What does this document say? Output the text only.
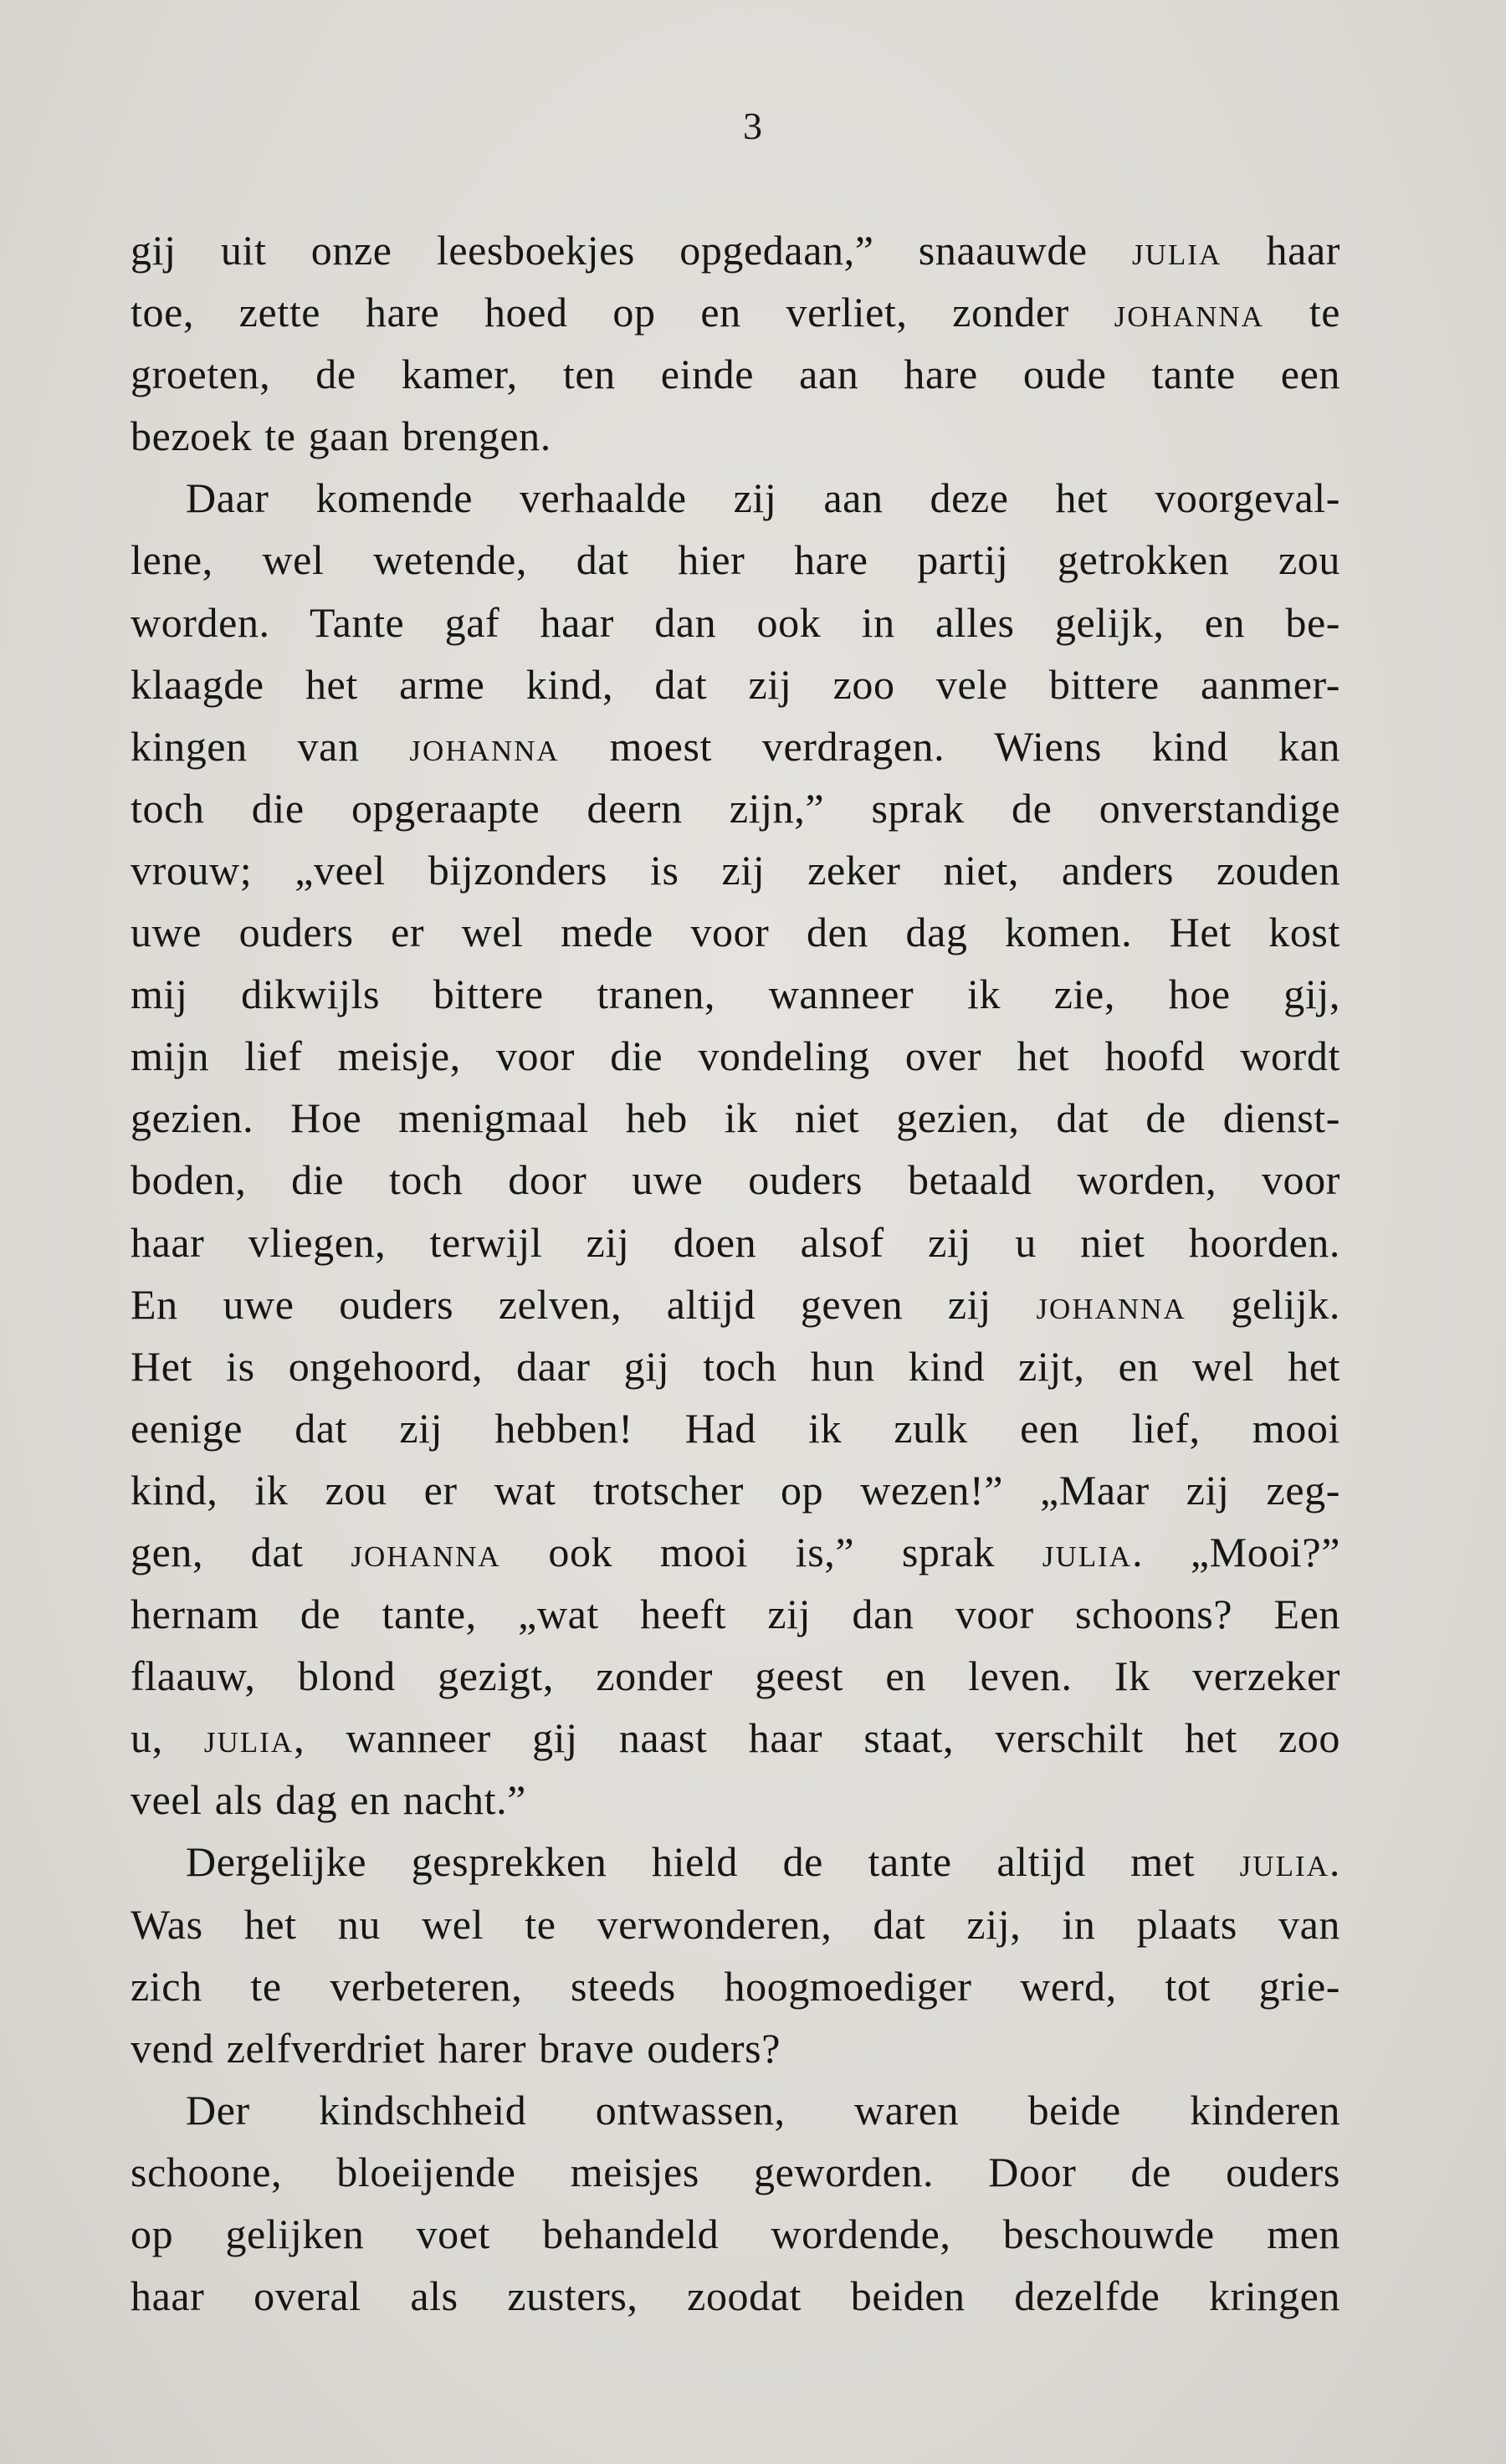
3
gij uit onze leesboekjes opgedaan,” snaauwde julia haar
toe, zette hare hoed op en verliet, zonder johanna te
groeten, de kamer, ten einde aan hare oude tante een
bezoek te gaan brengen.
Daar komende verhaalde zij aan deze het voorgeval-
lene, wel wetende, dat hier hare partij getrokken zou
worden. Tante gaf haar dan ook in alles gelijk, en be-
klaagde het arme kind, dat zij zoo vele bittere aanmer-
kingen van johanna moest verdragen. Wiens kind kan
toch die opgeraapte deern zijn,” sprak de onverstandige
vrouw; „veel bijzonders is zij zeker niet, anders zouden
uwe ouders er wel mede voor den dag komen. Het kost
mij dikwijls bittere tranen, wanneer ik zie, hoe gij,
mijn lief meisje, voor die vondeling over het hoofd wordt
gezien. Hoe menigmaal heb ik niet gezien, dat de dienst-
boden, die toch door uwe ouders betaald worden, voor
haar vliegen, terwijl zij doen alsof zij u niet hoorden.
En uwe ouders zelven, altijd geven zij johanna gelijk.
Het is ongehoord, daar gij toch hun kind zijt, en wel het
eenige dat zij hebben! Had ik zulk een lief, mooi
kind, ik zou er wat trotscher op wezen!” „Maar zij zeg-
gen, dat johanna ook mooi is,” sprak julia. „Mooi?”
hernam de tante, „wat heeft zij dan voor schoons? Een
flaauw, blond gezigt, zonder geest en leven. Ik verzeker
u, julia, wanneer gij naast haar staat, verschilt het zoo
veel als dag en nacht.”
Dergelijke gesprekken hield de tante altijd met julia.
Was het nu wel te verwonderen, dat zij, in plaats van
zich te verbeteren, steeds hoogmoediger werd, tot grie-
vend zelfverdriet harer brave ouders?
Der kindschheid ontwassen, waren beide kinderen
schoone, bloeijende meisjes geworden. Door de ouders
op gelijken voet behandeld wordende, beschouwde men
haar overal als zusters, zoodat beiden dezelfde kringen
